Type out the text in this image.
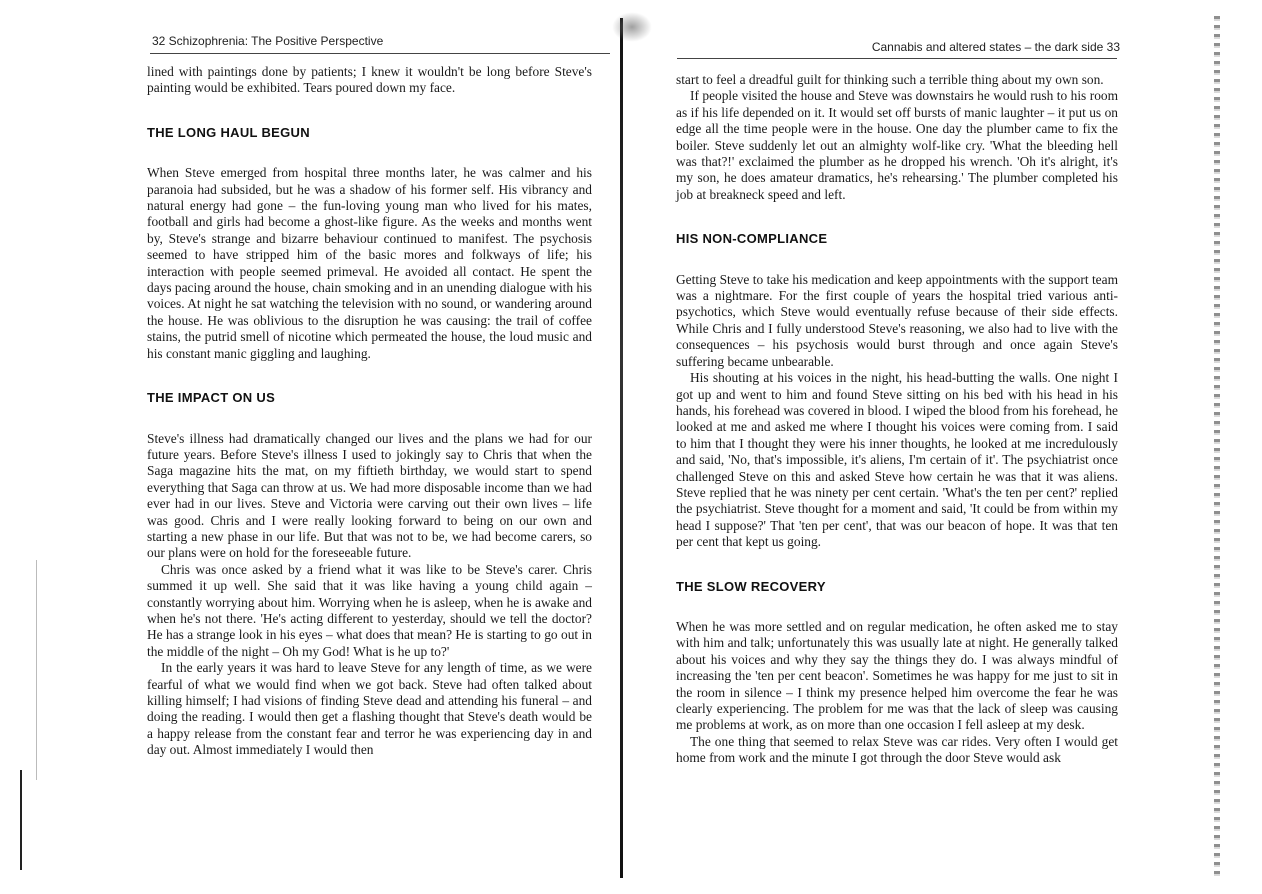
32 Schizophrenia: The Positive Perspective

lined with paintings done by patients; I knew it wouldn't be long before Steve's painting would be exhibited. Tears poured down my face.

THE LONG HAUL BEGUN

When Steve emerged from hospital three months later, he was calmer and his paranoia had subsided, but he was a shadow of his former self. His vibrancy and natural energy had gone – the fun-loving young man who lived for his mates, football and girls had become a ghost-like figure. As the weeks and months went by, Steve's strange and bizarre behaviour continued to manifest. The psychosis seemed to have stripped him of the basic mores and folkways of life; his interaction with people seemed primeval. He avoided all contact. He spent the days pacing around the house, chain smoking and in an unending dialogue with his voices. At night he sat watching the television with no sound, or wandering around the house. He was oblivious to the disruption he was causing: the trail of coffee stains, the putrid smell of nicotine which permeated the house, the loud music and his constant manic giggling and laughing.

THE IMPACT ON US

Steve's illness had dramatically changed our lives and the plans we had for our future years. Before Steve's illness I used to jokingly say to Chris that when the Saga magazine hits the mat, on my fiftieth birthday, we would start to spend everything that Saga can throw at us. We had more disposable income than we had ever had in our lives. Steve and Victoria were carving out their own lives – life was good. Chris and I were really looking forward to being on our own and starting a new phase in our life. But that was not to be, we had become carers, so our plans were on hold for the foreseeable future.

Chris was once asked by a friend what it was like to be Steve's carer. Chris summed it up well. She said that it was like having a young child again – constantly worrying about him. Worrying when he is asleep, when he is awake and when he's not there. 'He's acting different to yesterday, should we tell the doctor? He has a strange look in his eyes – what does that mean? He is starting to go out in the middle of the night – Oh my God! What is he up to?'

In the early years it was hard to leave Steve for any length of time, as we were fearful of what we would find when we got back. Steve had often talked about killing himself; I had visions of finding Steve dead and attending his funeral – and doing the reading. I would then get a flashing thought that Steve's death would be a happy release from the constant fear and terror he was experiencing day in and day out. Almost immediately I would then

Cannabis and altered states – the dark side 33

start to feel a dreadful guilt for thinking such a terrible thing about my own son.

If people visited the house and Steve was downstairs he would rush to his room as if his life depended on it. It would set off bursts of manic laughter – it put us on edge all the time people were in the house. One day the plumber came to fix the boiler. Steve suddenly let out an almighty wolf-like cry. 'What the bleeding hell was that?!' exclaimed the plumber as he dropped his wrench. 'Oh it's alright, it's my son, he does amateur dramatics, he's rehearsing.' The plumber completed his job at breakneck speed and left.

HIS NON-COMPLIANCE

Getting Steve to take his medication and keep appointments with the support team was a nightmare. For the first couple of years the hospital tried various anti-psychotics, which Steve would eventually refuse because of their side effects. While Chris and I fully understood Steve's reasoning, we also had to live with the consequences – his psychosis would burst through and once again Steve's suffering became unbearable.

His shouting at his voices in the night, his head-butting the walls. One night I got up and went to him and found Steve sitting on his bed with his head in his hands, his forehead was covered in blood. I wiped the blood from his forehead, he looked at me and asked me where I thought his voices were coming from. I said to him that I thought they were his inner thoughts, he looked at me incredulously and said, 'No, that's impossible, it's aliens, I'm certain of it'. The psychiatrist once challenged Steve on this and asked Steve how certain he was that it was aliens. Steve replied that he was ninety per cent certain. 'What's the ten per cent?' replied the psychiatrist. Steve thought for a moment and said, 'It could be from within my head I suppose?' That 'ten per cent', that was our beacon of hope. It was that ten per cent that kept us going.

THE SLOW RECOVERY

When he was more settled and on regular medication, he often asked me to stay with him and talk; unfortunately this was usually late at night. He generally talked about his voices and why they say the things they do. I was always mindful of increasing the 'ten per cent beacon'. Sometimes he was happy for me just to sit in the room in silence – I think my presence helped him overcome the fear he was clearly experiencing. The problem for me was that the lack of sleep was causing me problems at work, as on more than one occasion I fell asleep at my desk.

The one thing that seemed to relax Steve was car rides. Very often I would get home from work and the minute I got through the door Steve would ask
